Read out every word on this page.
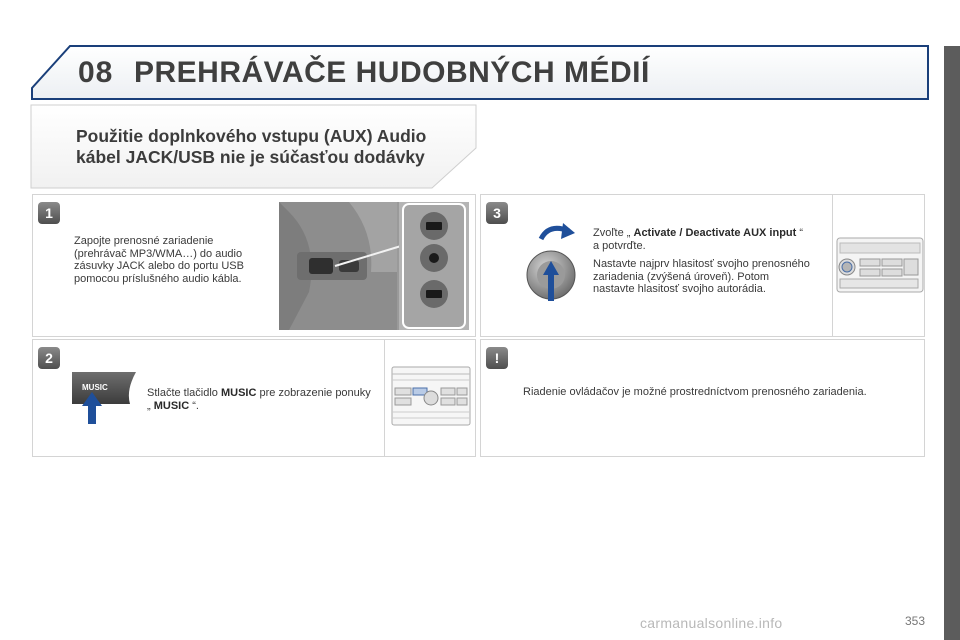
08 PREHRÁVAČE HUDOBNÝCH MÉDIÍ
Použitie doplnkového vstupu (AUX) Audio
kábel JACK/USB nie je súčasťou dodávky
1
Zapojte prenosné zariadenie (prehrávač MP3/WMA…) do audio zásuvky JACK alebo do portu USB pomocou príslušného audio kábla.
3
Zvoľte „ Activate / Deactivate AUX input “ a potvrďte.
Nastavte najprv hlasitosť svojho prenosného zariadenia (zvýšená úroveň). Potom nastavte hlasitosť svojho autorádia.
2
MUSIC	Stlačte tlačidlo MUSIC pre zobrazenie ponuky „ MUSIC “.
!
Riadenie ovládačov je možné prostredníctvom prenosného zariadenia.
carmanualsonline.info	353
